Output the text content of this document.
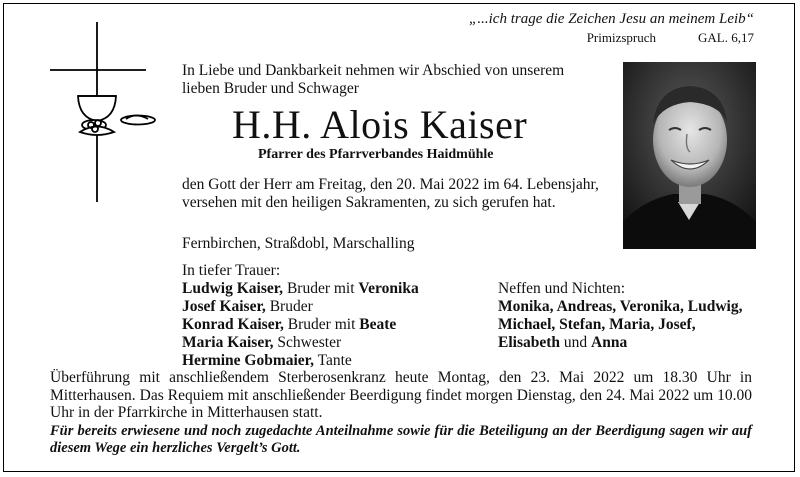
„...ich trage die Zeichen Jesu an meinem Leib“
Primizspruch	GAL. 6,17
In Liebe und Dankbarkeit nehmen wir Abschied von unserem lieben Bruder und Schwager
H.H. Alois Kaiser
Pfarrer des Pfarrverbandes Haidmühle
den Gott der Herr am Freitag, den 20. Mai 2022 im 64. Lebensjahr, versehen mit den heiligen Sakramenten, zu sich gerufen hat.
Fernbirchen, Straßdobl, Marschalling
In tiefer Trauer:
Ludwig Kaiser, Bruder mit Veronika
Josef Kaiser, Bruder
Konrad Kaiser, Bruder mit Beate
Maria Kaiser, Schwester
Hermine Gobmaier, Tante
Neffen und Nichten:
Monika, Andreas, Veronika, Ludwig,
Michael, Stefan, Maria, Josef,
Elisabeth und Anna
Überführung mit anschließendem Sterberosenkranz heute Montag, den 23. Mai 2022 um 18.30 Uhr in Mitterhausen. Das Requiem mit anschließender Beerdigung findet morgen Dienstag, den 24. Mai 2022 um 10.00 Uhr in der Pfarrkirche in Mitterhausen statt.
Für bereits erwiesene und noch zugedachte Anteilnahme sowie für die Beteiligung an der Beerdigung sagen wir auf diesem Wege ein herzliches Vergelt’s Gott.
